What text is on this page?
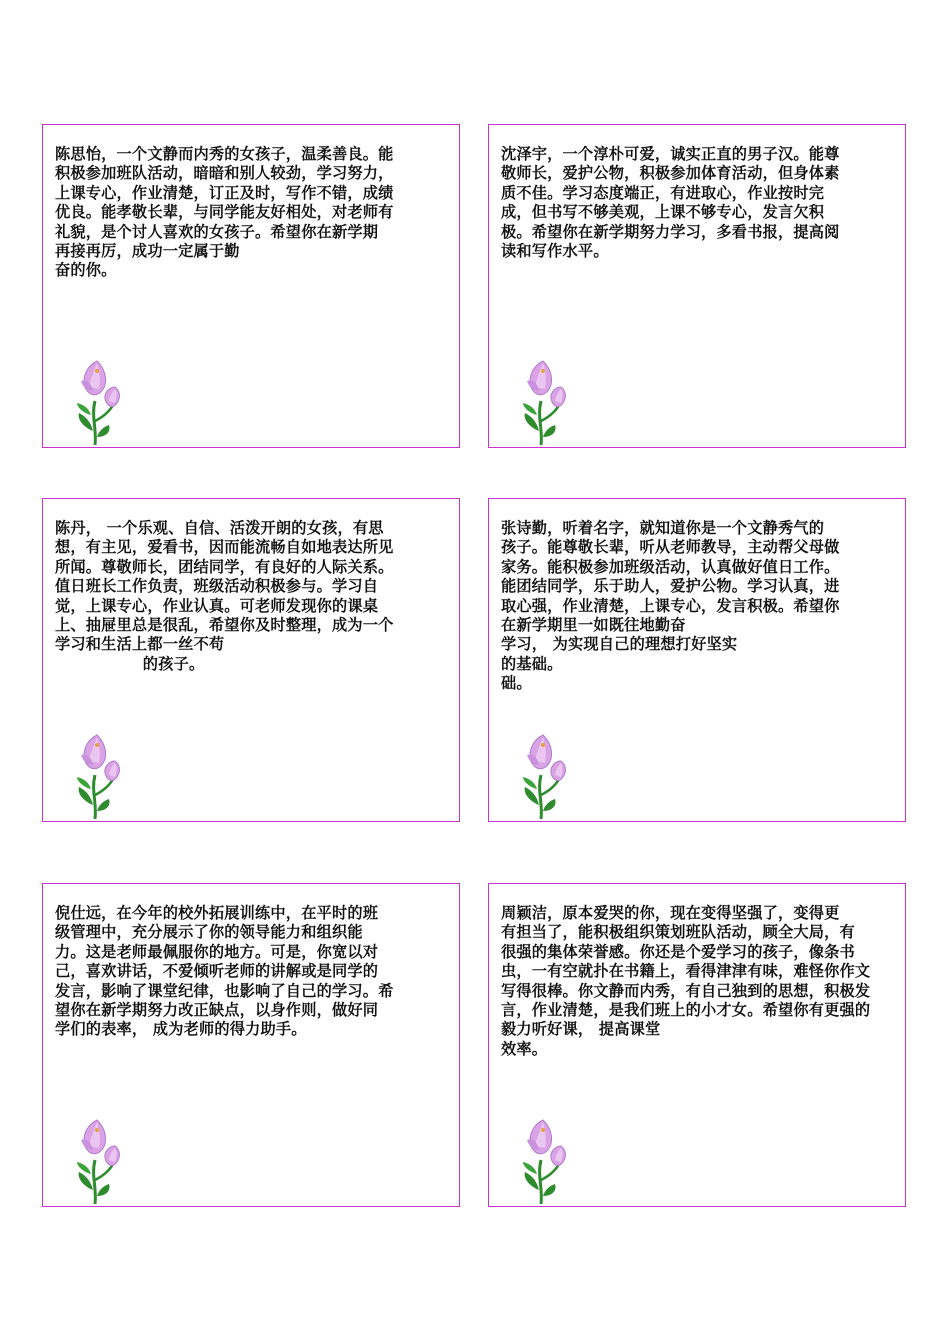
陈思怡，一个文静而内秀的女孩子，温柔善良。能
积极参加班队活动，暗暗和别人较劲，学习努力，
上课专心，作业清楚，订正及时，写作不错，成绩
优良。能孝敬长辈，与同学能友好相处，对老师有
礼貌，是个讨人喜欢的女孩子。希望你在新学期
再接再厉，成功一定属于勤
奋的你。
沈泽宇，一个淳朴可爱，诚实正直的男子汉。能尊
敬师长，爱护公物，积极参加体育活动，但身体素
质不佳。学习态度端正，有进取心，作业按时完
成，但书写不够美观，上课不够专心，发言欠积
极。希望你在新学期努力学习，多看书报，提高阅
读和写作水平。
陈丹， 一个乐观、自信、活泼开朗的女孩，有思
想，有主见，爱看书，因而能流畅自如地表达所见
所闻。尊敬师长，团结同学，有良好的人际关系。
值日班长工作负责，班级活动积极参与。学习自
觉，上课专心，作业认真。可老师发现你的课桌
上、抽屉里总是很乱，希望你及时整理，成为一个
学习和生活上都一丝不苟
的孩子。
张诗勤，听着名字，就知道你是一个文静秀气的
孩子。能尊敬长辈，听从老师教导，主动帮父母做
家务。能积极参加班级活动，认真做好值日工作。
能团结同学，乐于助人，爱护公物。学习认真，进
取心强，作业清楚，上课专心，发言积极。希望你
在新学期里一如既往地勤奋
学习， 为实现自己的理想打好坚实
的基础。
础。
倪仕远，在今年的校外拓展训练中，在平时的班
级管理中，充分展示了你的领导能力和组织能
力。这是老师最佩服你的地方。可是，你宽以对
己，喜欢讲话，不爱倾听老师的讲解或是同学的
发言，影响了课堂纪律，也影响了自己的学习。希
望你在新学期努力改正缺点，以身作则，做好同
学们的表率， 成为老师的得力助手。
周颖洁，原本爱哭的你，现在变得坚强了，变得更
有担当了，能积极组织策划班队活动，顾全大局，有
很强的集体荣誉感。你还是个爱学习的孩子，像条书
虫，一有空就扑在书籍上，看得津津有味，难怪你作文
写得很棒。你文静而内秀，有自己独到的思想，积极发
言，作业清楚，是我们班上的小才女。希望你有更强的
毅力听好课， 提高课堂
效率。
